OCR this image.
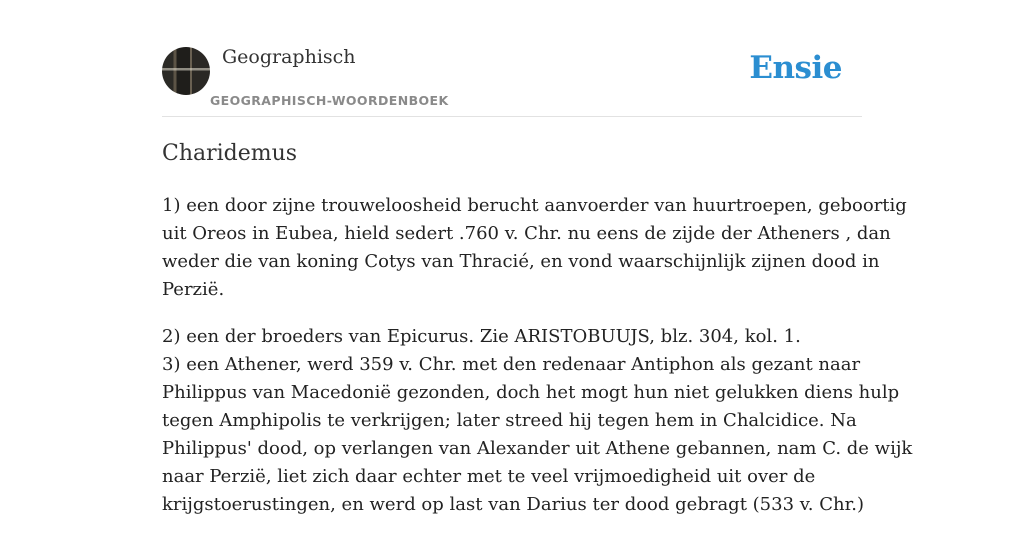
Geographisch
GEOGRAPHISCH-WOORDENBOEK
Ensie
Charidemus

1) een door zijne trouweloosheid berucht aanvoerder van huurtroepen, geboortig
uit Oreos in Eubea, hield sedert .760 v. Chr. nu eens de zijde der Atheners , dan
weder die van koning Cotys van Thracié, en vond waarschijnlijk zijnen dood in
Perzië.

2) een der broeders van Epicurus. Zie ARISTOBUUJS, blz. 304, kol. 1.
3) een Athener, werd 359 v. Chr. met den redenaar Antiphon als gezant naar
Philippus van Macedonië gezonden, doch het mogt hun niet gelukken diens hulp
tegen Amphipolis te verkrijgen; later streed hij tegen hem in Chalcidice. Na
Philippus' dood, op verlangen van Alexander uit Athene gebannen, nam C. de wijk
naar Perzië, liet zich daar echter met te veel vrijmoedigheid uit over de
krijgstoerustingen, en werd op last van Darius ter dood gebragt (533 v. Chr.)
